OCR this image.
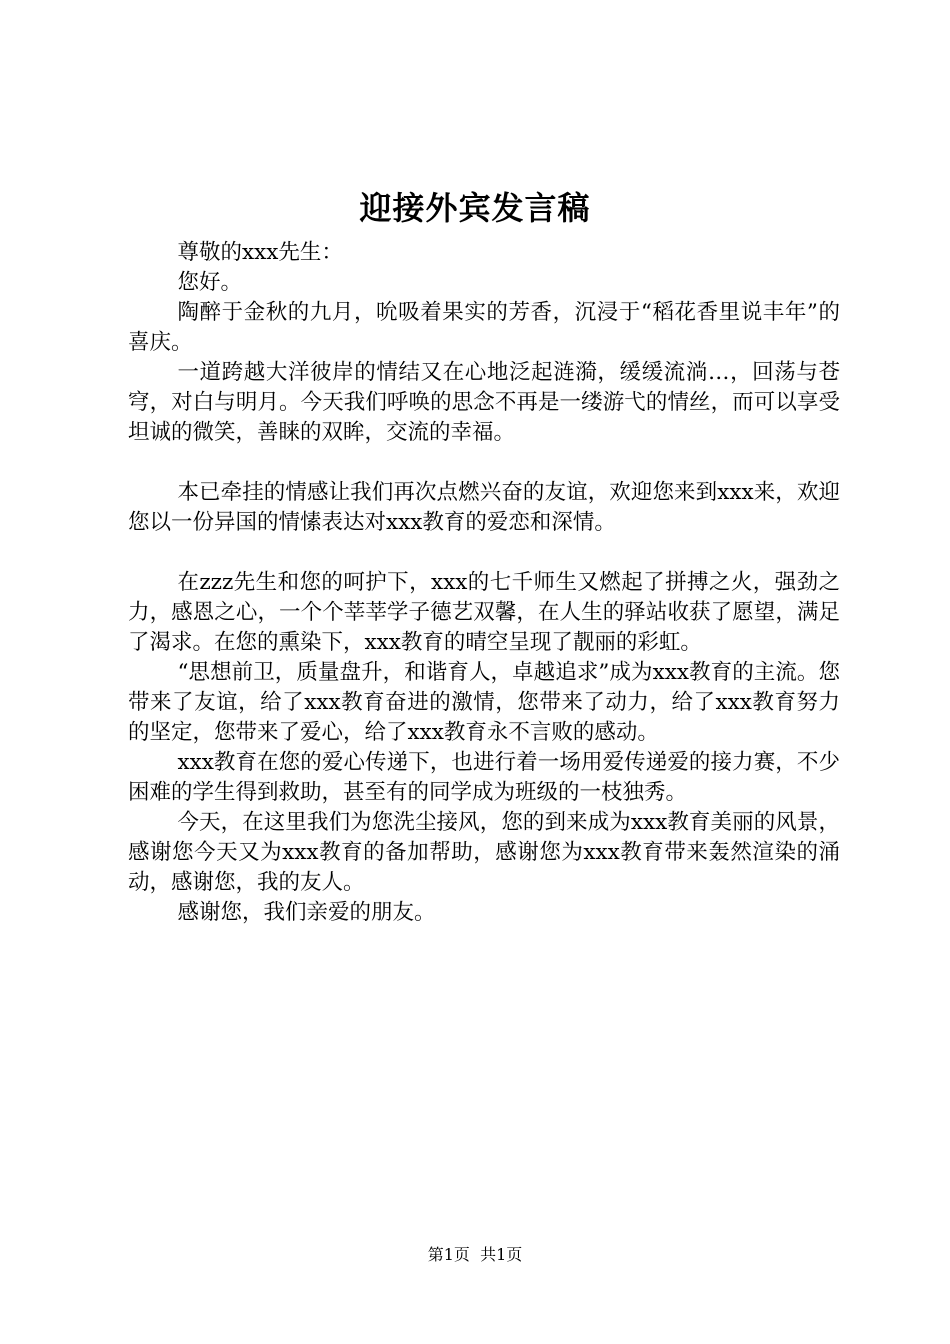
迎接外宾发言稿

尊敬的xxx先生：

您好。

陶醉于金秋的九月，吮吸着果实的芳香，沉浸于“稻花香里说丰年”的喜庆。

一道跨越大洋彼岸的情结又在心地泛起涟漪，缓缓流淌…，回荡与苍穹，对白与明月。今天我们呼唤的思念不再是一缕游弋的情丝，而可以享受坦诚的微笑，善睐的双眸，交流的幸福。

本已牵挂的情感让我们再次点燃兴奋的友谊，欢迎您来到xxx来，欢迎您以一份异国的情愫表达对xxx教育的爱恋和深情。

在zzz先生和您的呵护下，xxx的七千师生又燃起了拼搏之火，强劲之力，感恩之心，一个个莘莘学子德艺双馨，在人生的驿站收获了愿望，满足了渴求。在您的熏染下，xxx教育的晴空呈现了靓丽的彩虹。

“思想前卫，质量盘升，和谐育人，卓越追求”成为xxx教育的主流。您带来了友谊，给了xxx教育奋进的激情，您带来了动力，给了xxx教育努力的坚定，您带来了爱心，给了xxx教育永不言败的感动。

xxx教育在您的爱心传递下，也进行着一场用爱传递爱的接力赛，不少困难的学生得到救助，甚至有的同学成为班级的一枝独秀。

今天，在这里我们为您洗尘接风，您的到来成为xxx教育美丽的风景，感谢您今天又为xxx教育的备加帮助，感谢您为xxx教育带来轰然渲染的涌动，感谢您，我的友人。

感谢您，我们亲爱的朋友。

第1页 共1页
